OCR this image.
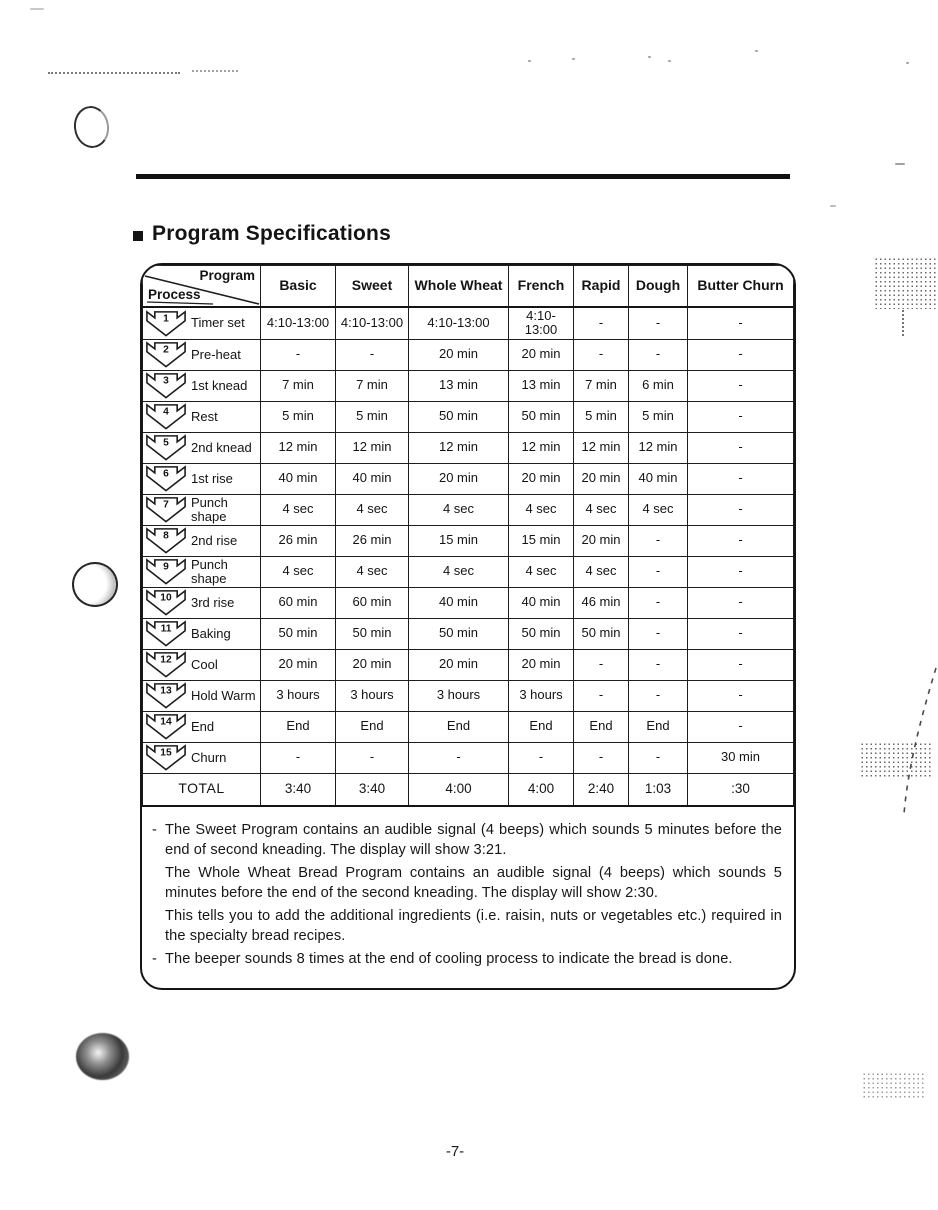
Program Specifications
Program
Process	Basic	Sweet	Whole Wheat	French	Rapid	Dough	Butter Churn

1 Timer set	4:10-13:00	4:10-13:00	4:10-13:00	4:10-13:00	-	-	-

2 Pre-heat	-	-	20 min	20 min	-	-	-

3 1st knead	7 min	7 min	13 min	13 min	7 min	6 min	-

4 Rest	5 min	5 min	50 min	50 min	5 min	5 min	-

5 2nd knead	12 min	12 min	12 min	12 min	12 min	12 min	-

6 1st rise	40 min	40 min	20 min	20 min	20 min	40 min	-

7 Punch shape	4 sec	4 sec	4 sec	4 sec	4 sec	4 sec	-

8 2nd rise	26 min	26 min	15 min	15 min	20 min	-	-

9 Punch shape	4 sec	4 sec	4 sec	4 sec	4 sec	-	-

10 3rd rise	60 min	60 min	40 min	40 min	46 min	-	-

11 Baking	50 min	50 min	50 min	50 min	50 min	-	-

12 Cool	20 min	20 min	20 min	20 min	-	-	-

13 Hold Warm	3 hours	3 hours	3 hours	3 hours	-	-	-

14 End	End	End	End	End	End	End	-

15 Churn	-	-	-	-	-	-	30 min
TOTAL	3:40	3:40	4:00	4:00	2:40	1:03	:30
- The Sweet Program contains an audible signal (4 beeps) which sounds 5 minutes before the end of second kneading. The display will show 3:21.
The Whole Wheat Bread Program contains an audible signal (4 beeps) which sounds 5 minutes before the end of the second kneading. The display will show 2:30.
This tells you to add the additional ingredients (i.e. raisin, nuts or vegetables etc.) required in the specialty bread recipes.
- The beeper sounds 8 times at the end of cooling process to indicate the bread is done.
-7-
